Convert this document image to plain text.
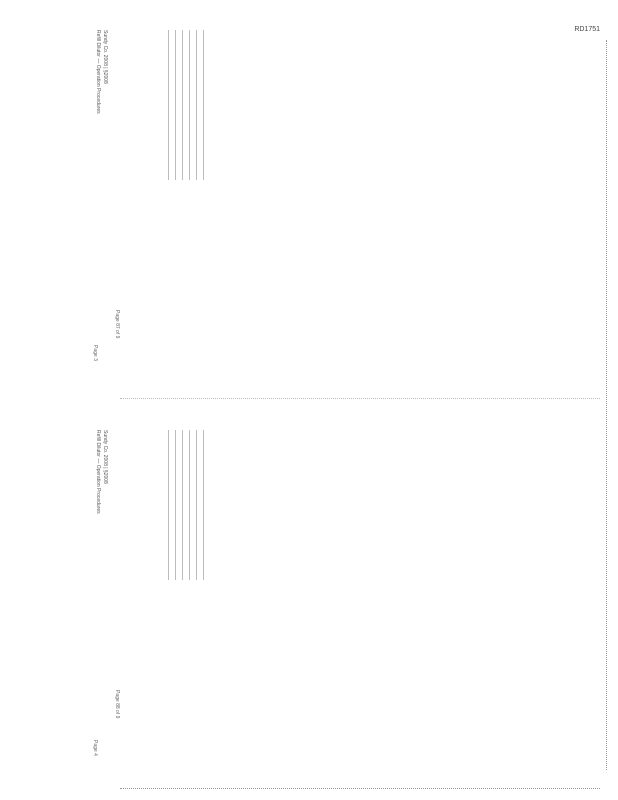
RD1751
Sundy Co. 2008 | §2008
Refill Dilutor — Operation Procedures
Page 87 of 9
Page 3
Sundy Co. 2008 | §2008
Refill Dilutor — Operation Procedures
Page 88 of 9
Page 4
